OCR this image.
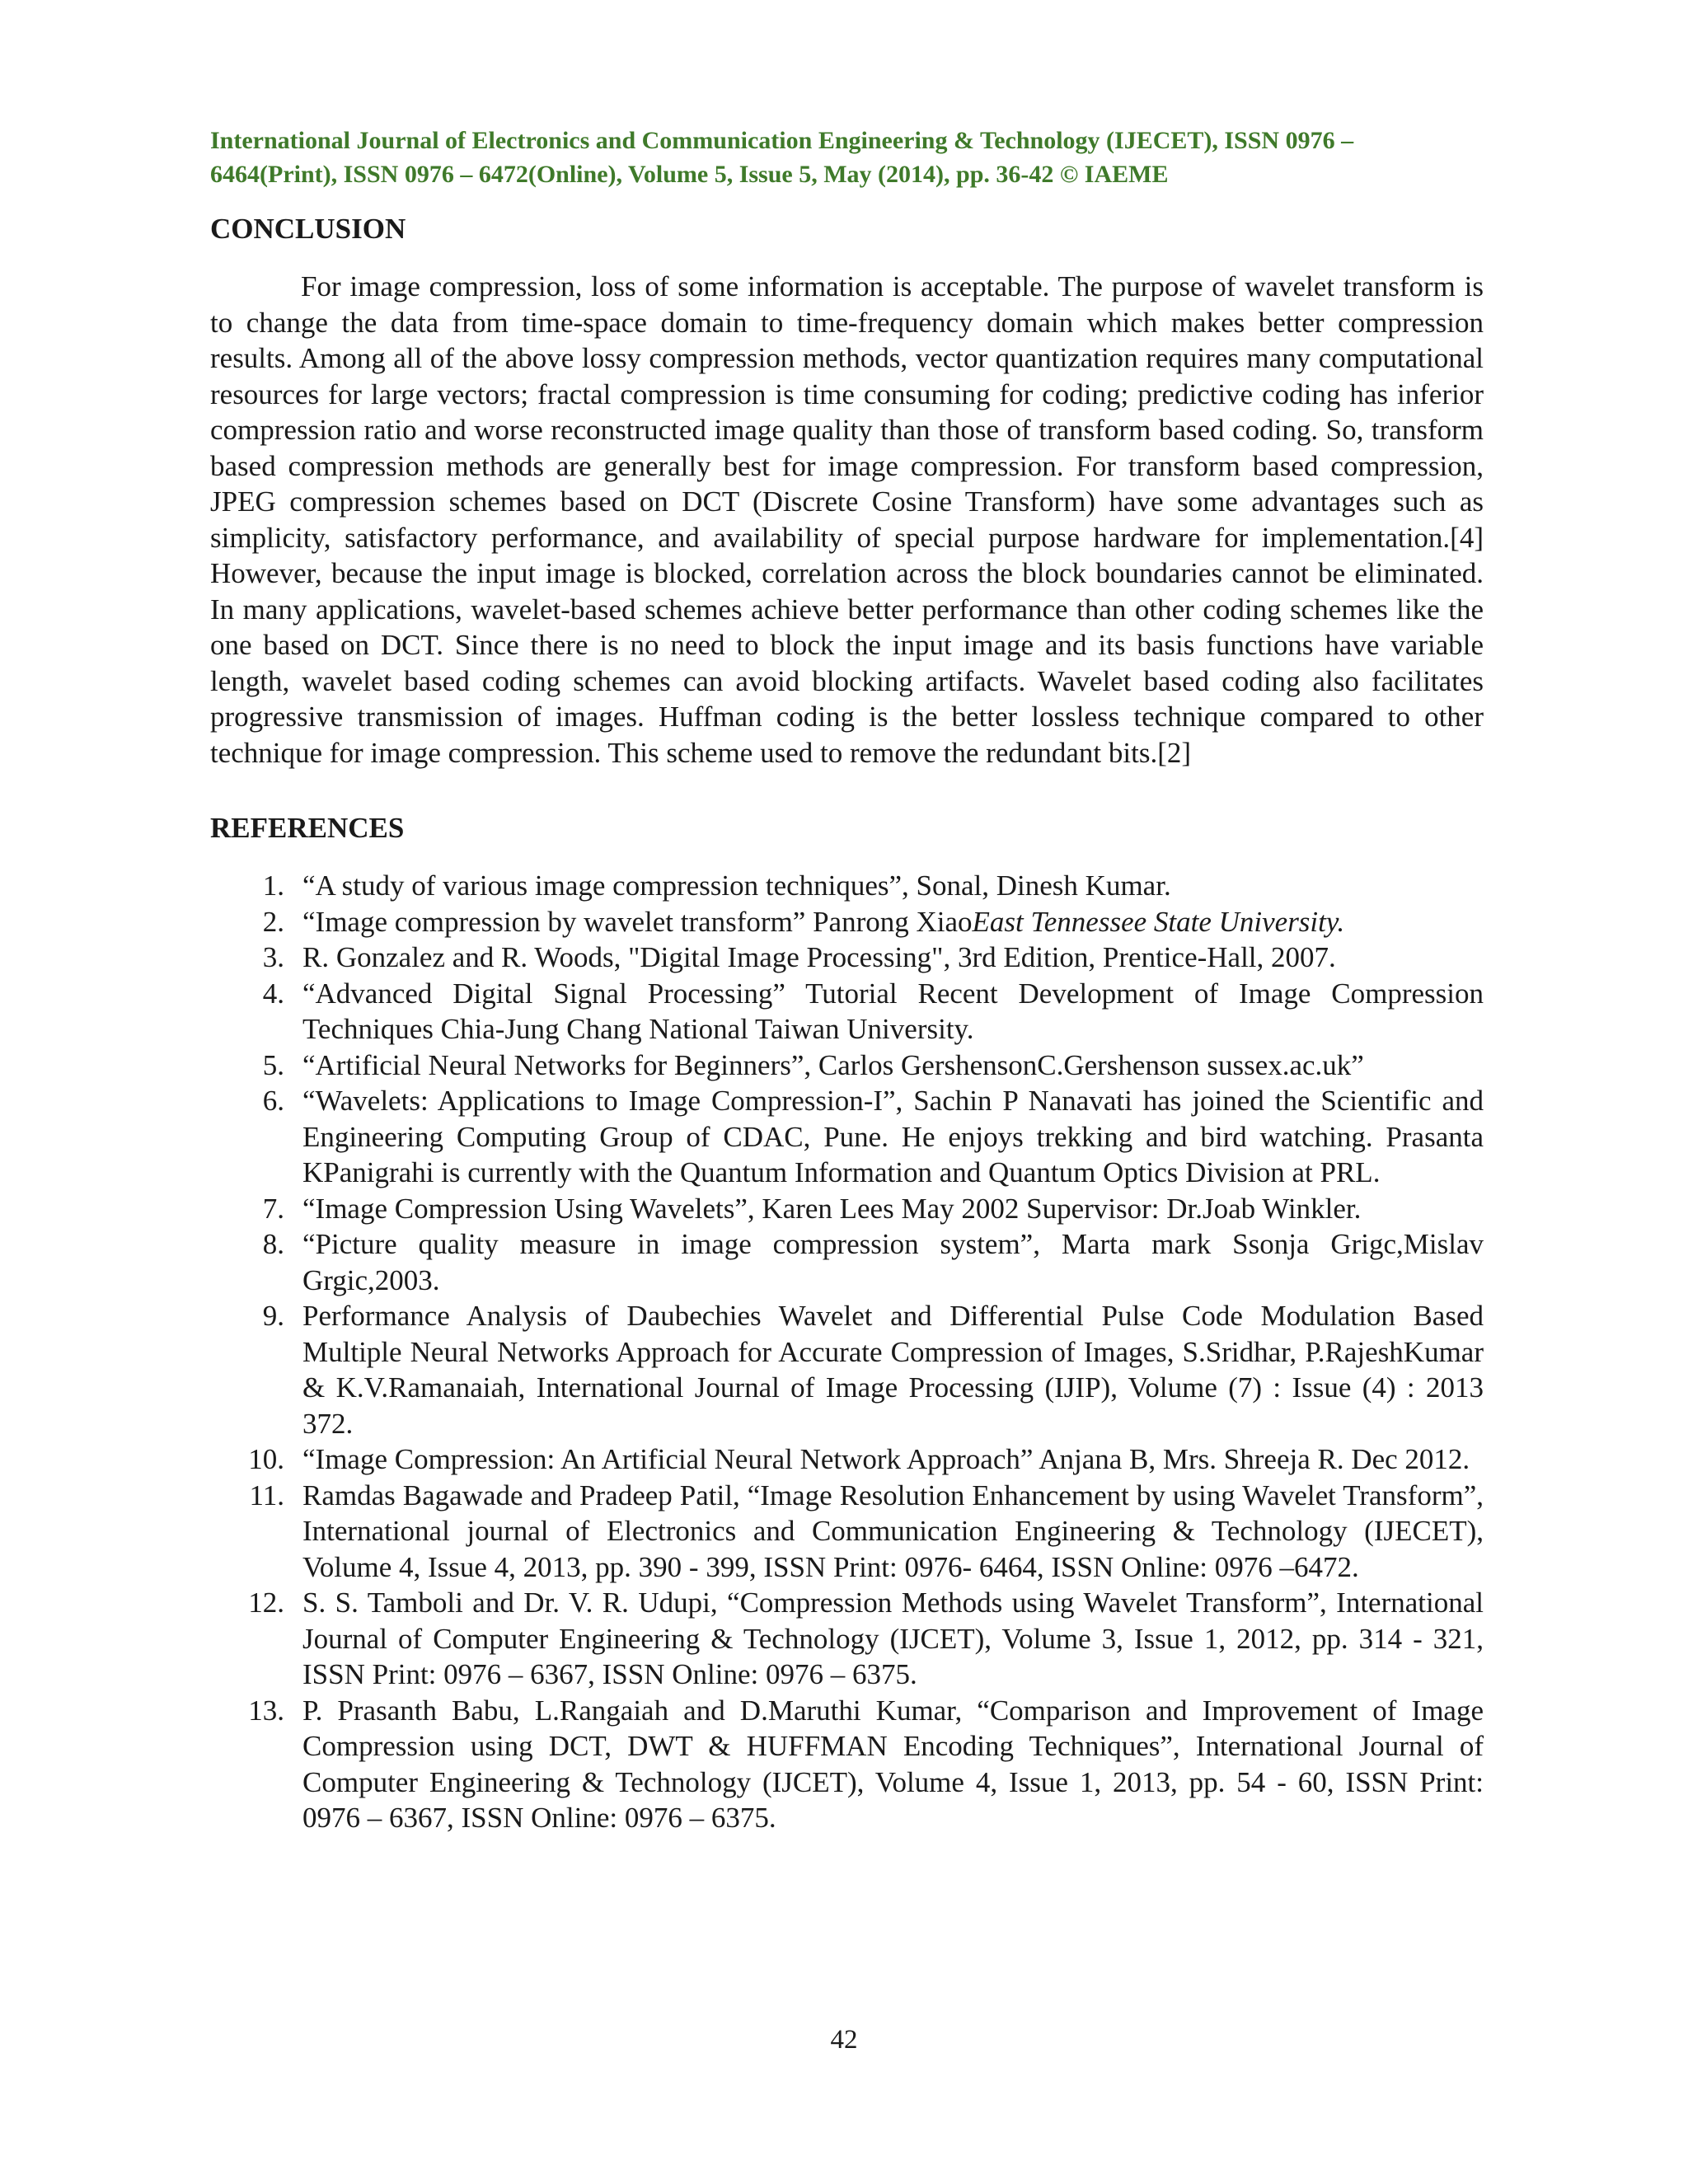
International Journal of Electronics and Communication Engineering & Technology (IJECET), ISSN 0976 –
6464(Print), ISSN 0976 – 6472(Online), Volume 5, Issue 5, May (2014), pp. 36-42 © IAEME
CONCLUSION

For image compression, loss of some information is acceptable. The purpose of wavelet transform is to change the data from time-space domain to time-frequency domain which makes better compression results. Among all of the above lossy compression methods, vector quantization requires many computational resources for large vectors; fractal compression is time consuming for coding; predictive coding has inferior compression ratio and worse reconstructed image quality than those of transform based coding. So, transform based compression methods are generally best for image compression. For transform based compression, JPEG compression schemes based on DCT (Discrete Cosine Transform) have some advantages such as simplicity, satisfactory performance, and availability of special purpose hardware for implementation.[4] However, because the input image is blocked, correlation across the block boundaries cannot be eliminated. In many applications, wavelet-based schemes achieve better performance than other coding schemes like the one based on DCT. Since there is no need to block the input image and its basis functions have variable length, wavelet based coding schemes can avoid blocking artifacts. Wavelet based coding also facilitates progressive transmission of images. Huffman coding is the better lossless technique compared to other technique for image compression. This scheme used to remove the redundant bits.[2]

REFERENCES
1. “A study of various image compression techniques”, Sonal, Dinesh Kumar.
2. “Image compression by wavelet transform” Panrong XiaoEast Tennessee State University.
3. R. Gonzalez and R. Woods, "Digital Image Processing", 3rd Edition, Prentice-Hall, 2007.
4. “Advanced Digital Signal Processing” Tutorial Recent Development of Image Compression Techniques Chia-Jung Chang National Taiwan University.
5. “Artificial Neural Networks for Beginners”, Carlos GershensonC.Gershenson sussex.ac.uk”
6. “Wavelets: Applications to Image Compression-I”, Sachin P Nanavati has joined the Scientific and Engineering Computing Group of CDAC, Pune. He enjoys trekking and bird watching. Prasanta KPanigrahi is currently with the Quantum Information and Quantum Optics Division at PRL.
7. “Image Compression Using Wavelets”, Karen Lees May 2002 Supervisor: Dr.Joab Winkler.
8. “Picture quality measure in image compression system”, Marta mark Ssonja Grigc,Mislav Grgic,2003.
9. Performance Analysis of Daubechies Wavelet and Differential Pulse Code Modulation Based Multiple Neural Networks Approach for Accurate Compression of Images, S.Sridhar, P.RajeshKumar & K.V.Ramanaiah, International Journal of Image Processing (IJIP), Volume (7) : Issue (4) : 2013 372.
10. “Image Compression: An Artificial Neural Network Approach” Anjana B, Mrs. Shreeja R. Dec 2012.
11. Ramdas Bagawade and Pradeep Patil, “Image Resolution Enhancement by using Wavelet Transform”, International journal of Electronics and Communication Engineering & Technology (IJECET), Volume 4, Issue 4, 2013, pp. 390 - 399, ISSN Print: 0976- 6464, ISSN Online: 0976 –6472.
12. S. S. Tamboli and Dr. V. R. Udupi, “Compression Methods using Wavelet Transform”, International Journal of Computer Engineering & Technology (IJCET), Volume 3, Issue 1, 2012, pp. 314 - 321, ISSN Print: 0976 – 6367, ISSN Online: 0976 – 6375.
13. P. Prasanth Babu, L.Rangaiah and D.Maruthi Kumar, “Comparison and Improvement of Image Compression using DCT, DWT & HUFFMAN Encoding Techniques”, International Journal of Computer Engineering & Technology (IJCET), Volume 4, Issue 1, 2013, pp. 54 - 60, ISSN Print: 0976 – 6367, ISSN Online: 0976 – 6375.
42
